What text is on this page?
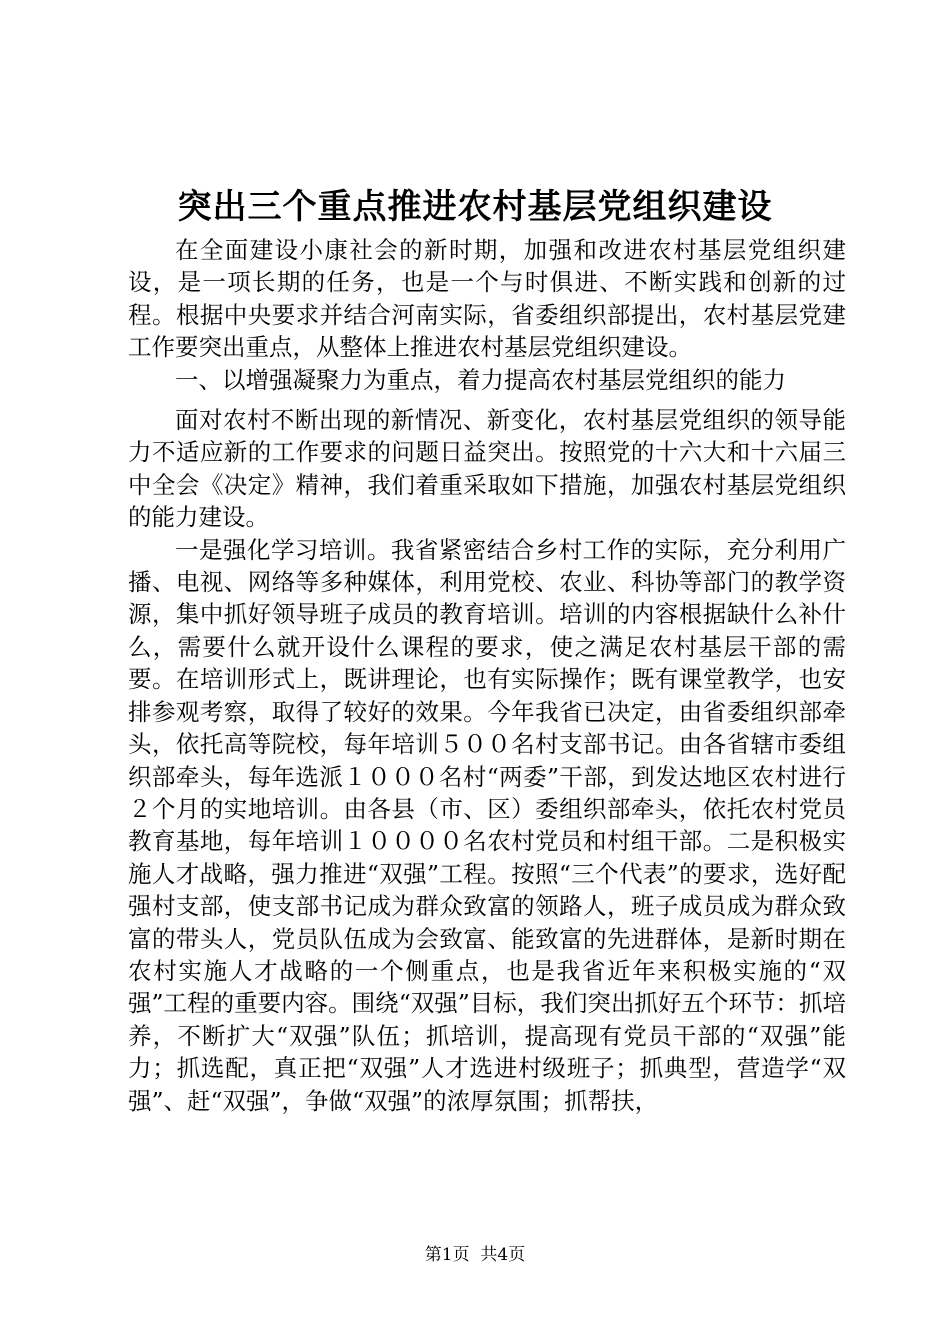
突出三个重点推进农村基层党组织建设

在全面建设小康社会的新时期，加强和改进农村基层党组织建设，是一项长期的任务，也是一个与时俱进、不断实践和创新的过程。根据中央要求并结合河南实际，省委组织部提出，农村基层党建工作要突出重点，从整体上推进农村基层党组织建设。

一、以增强凝聚力为重点，着力提高农村基层党组织的能力

面对农村不断出现的新情况、新变化，农村基层党组织的领导能力不适应新的工作要求的问题日益突出。按照党的十六大和十六届三中全会《决定》精神，我们着重采取如下措施，加强农村基层党组织的能力建设。

一是强化学习培训。我省紧密结合乡村工作的实际，充分利用广播、电视、网络等多种媒体，利用党校、农业、科协等部门的教学资源，集中抓好领导班子成员的教育培训。培训的内容根据缺什么补什么，需要什么就开设什么课程的要求，使之满足农村基层干部的需要。在培训形式上，既讲理论，也有实际操作；既有课堂教学，也安排参观考察，取得了较好的效果。今年我省已决定，由省委组织部牵头，依托高等院校，每年培训５００名村支部书记。由各省辖市委组织部牵头，每年选派１０００名村“两委”干部，到发达地区农村进行２个月的实地培训。由各县（市、区）委组织部牵头，依托农村党员教育基地，每年培训１００００名农村党员和村组干部。二是积极实施人才战略，强力推进“双强”工程。按照“三个代表”的要求，选好配强村支部，使支部书记成为群众致富的领路人，班子成员成为群众致富的带头人，党员队伍成为会致富、能致富的先进群体，是新时期在农村实施人才战略的一个侧重点，也是我省近年来积极实施的“双强”工程的重要内容。围绕“双强”目标，我们突出抓好五个环节：抓培养，不断扩大“双强”队伍；抓培训，提高现有党员干部的“双强”能力；抓选配，真正把“双强”人才选进村级班子；抓典型，营造学“双强”、赶“双强”，争做“双强”的浓厚氛围；抓帮扶，

第1页 共4页
